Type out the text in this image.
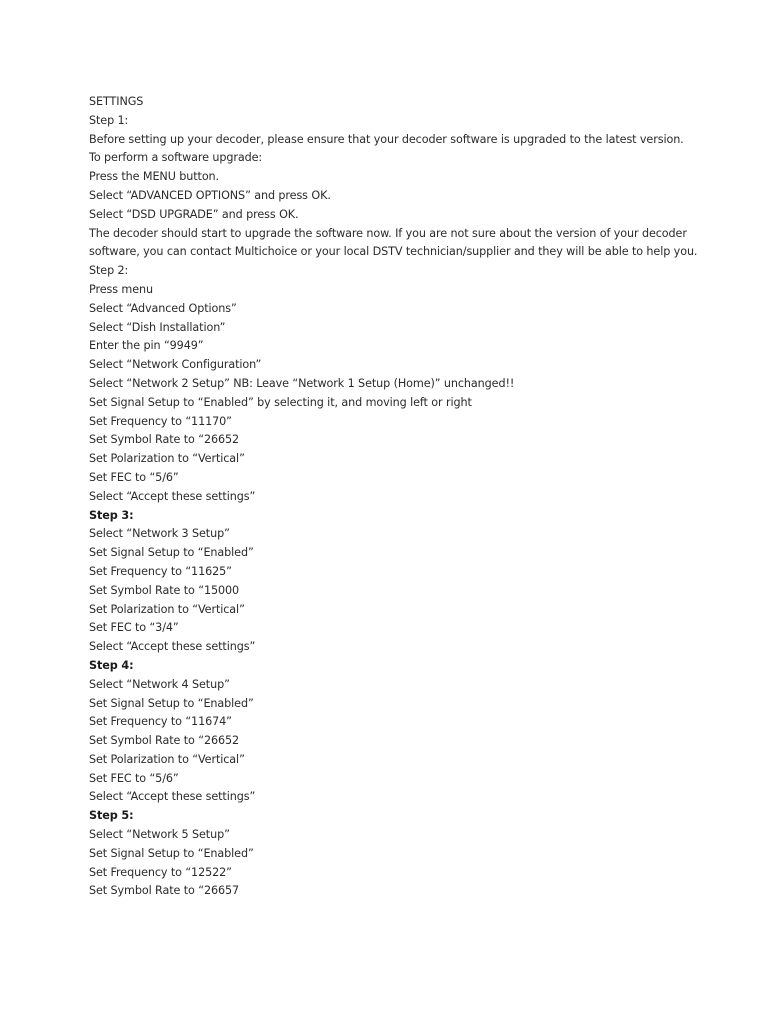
SETTINGS
Step 1:
Before setting up your decoder, please ensure that your decoder software is upgraded to the latest version.
To perform a software upgrade:
Press the MENU button.
Select “ADVANCED OPTIONS” and press OK.
Select “DSD UPGRADE” and press OK.
The decoder should start to upgrade the software now. If you are not sure about the version of your decoder
software, you can contact Multichoice or your local DSTV technician/supplier and they will be able to help you.
Step 2:
Press menu
Select “Advanced Options”
Select “Dish Installation”
Enter the pin “9949”
Select “Network Configuration”
Select “Network 2 Setup” NB: Leave “Network 1 Setup (Home)” unchanged!!
Set Signal Setup to “Enabled” by selecting it, and moving left or right
Set Frequency to “11170”
Set Symbol Rate to “26652
Set Polarization to “Vertical”
Set FEC to “5/6”
Select “Accept these settings”
Step 3:
Select “Network 3 Setup”
Set Signal Setup to “Enabled”
Set Frequency to “11625”
Set Symbol Rate to “15000
Set Polarization to “Vertical”
Set FEC to “3/4”
Select “Accept these settings”
Step 4:
Select “Network 4 Setup”
Set Signal Setup to “Enabled”
Set Frequency to “11674”
Set Symbol Rate to “26652
Set Polarization to “Vertical”
Set FEC to “5/6”
Select “Accept these settings”
Step 5:
Select “Network 5 Setup”
Set Signal Setup to “Enabled”
Set Frequency to “12522”
Set Symbol Rate to “26657
